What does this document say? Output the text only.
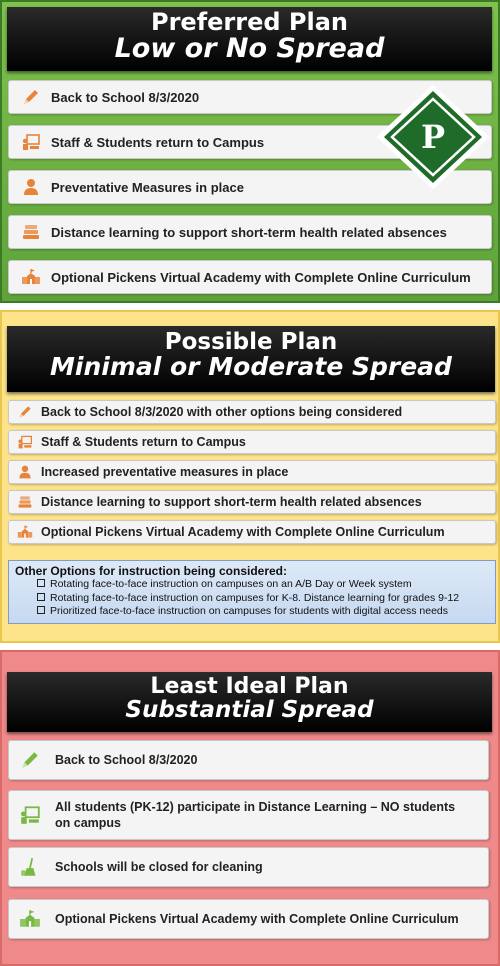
Preferred Plan
Low or No Spread
Back to School 8/3/2020
Staff & Students return to Campus
Preventative Measures in place
Distance learning to support short-term health related absences
Optional Pickens Virtual Academy with Complete Online Curriculum
P
Possible Plan
Minimal or Moderate Spread
Back to School 8/3/2020 with other options being considered
Staff & Students return to Campus
Increased preventative measures in place
Distance learning to support short-term health related absences
Optional Pickens Virtual Academy with Complete Online Curriculum
Other Options for instruction being considered:
Rotating face-to-face instruction on campuses on an A/B Day or Week system
Rotating face-to-face instruction on campuses for K-8. Distance learning for grades 9-12
Prioritized face-to-face instruction on campuses for students with digital access needs
Least Ideal Plan
Substantial Spread
Back to School 8/3/2020
All students (PK-12) participate in Distance Learning – NO students on campus
Schools will be closed for cleaning
Optional Pickens Virtual Academy with Complete Online Curriculum
